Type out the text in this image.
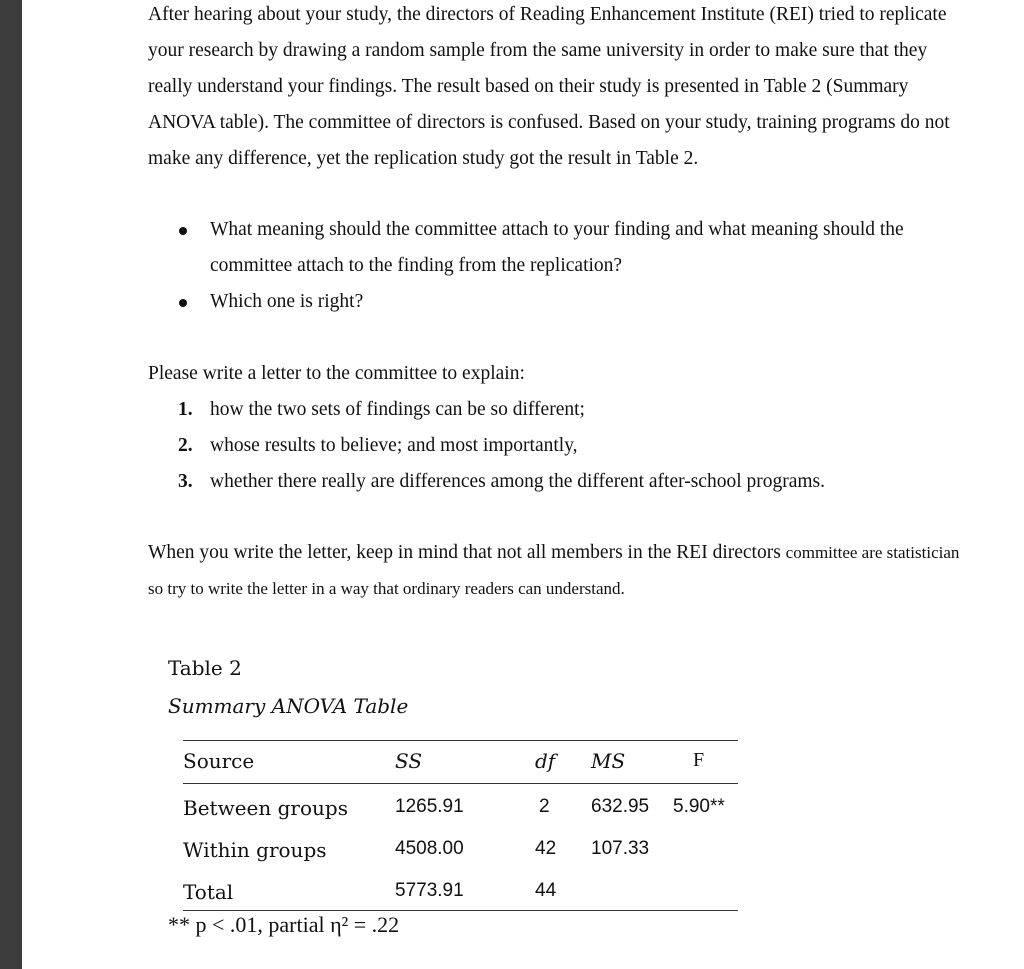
After hearing about your study, the directors of Reading Enhancement Institute (REI) tried to replicate your research by drawing a random sample from the same university in order to make sure that they really understand your findings. The result based on their study is presented in Table 2 (Summary ANOVA table). The committee of directors is confused. Based on your study, training programs do not make any difference, yet the replication study got the result in Table 2.

What meaning should the committee attach to your finding and what meaning should the committee attach to the finding from the replication?
Which one is right?

Please write a letter to the committee to explain:

1. how the two sets of findings can be so different;
2. whose results to believe; and most importantly,
3. whether there really are differences among the different after-school programs.

When you write the letter, keep in mind that not all members in the REI directors committee are statistician so try to write the letter in a way that ordinary readers can understand.

Table 2

Summary ANOVA Table

Source	SS	df MS	F
Between groups 1265.91	2 632.95 5.90**
Within groups	4508.00	42 107.33
Total	5773.91	44
** p < .01, partial η² = .22
